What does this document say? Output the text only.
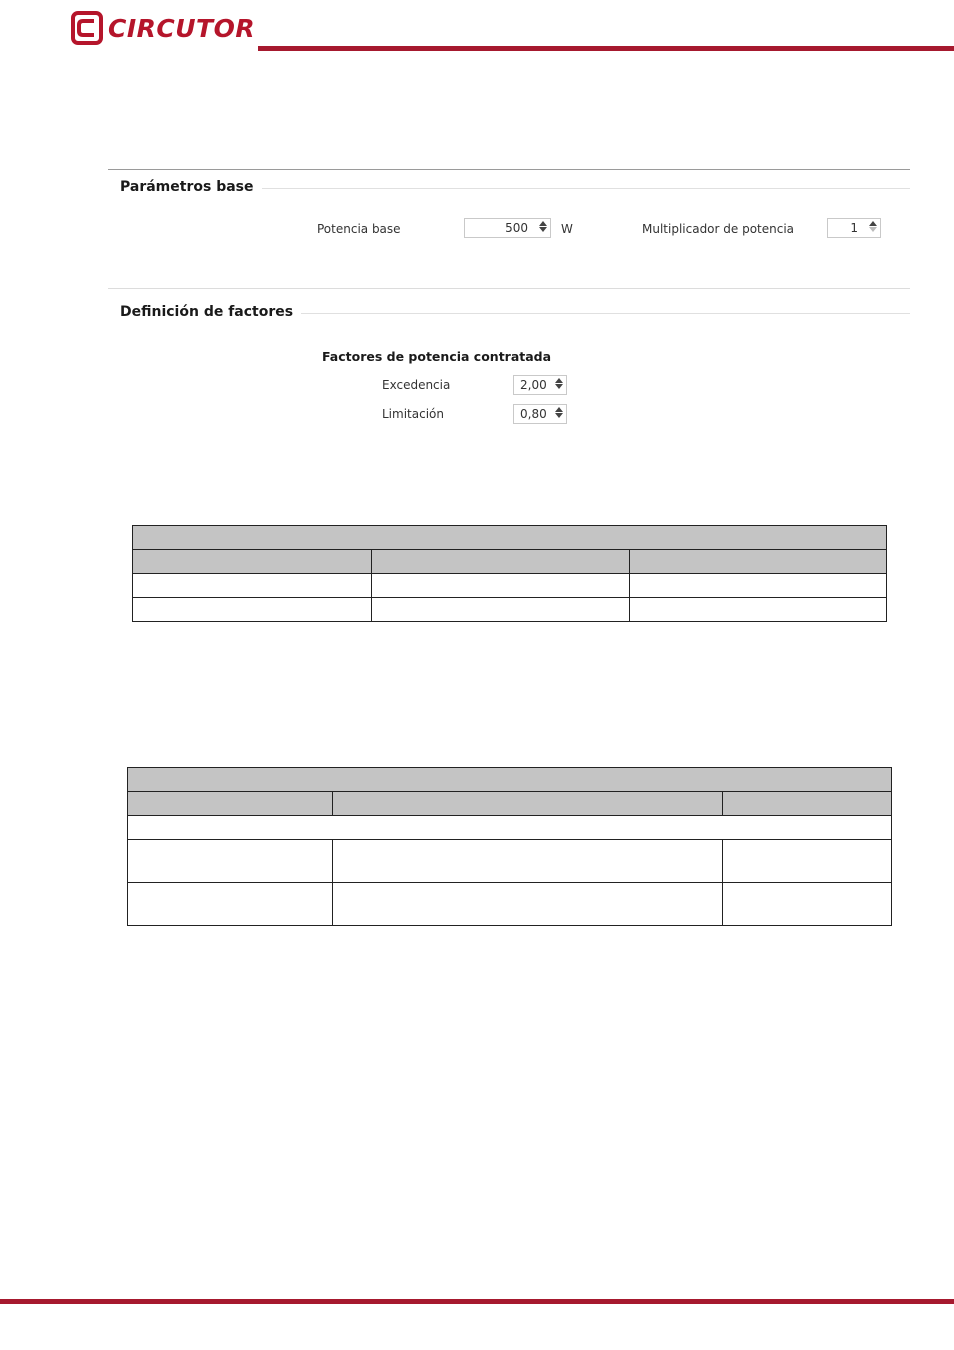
CIRCUTOR
Parámetros base
Potencia base	500	W	Multiplicador de potencia	1
Definición de factores
Factores de potencia contratada
Excedencia	2,00
Limitación	0,80
